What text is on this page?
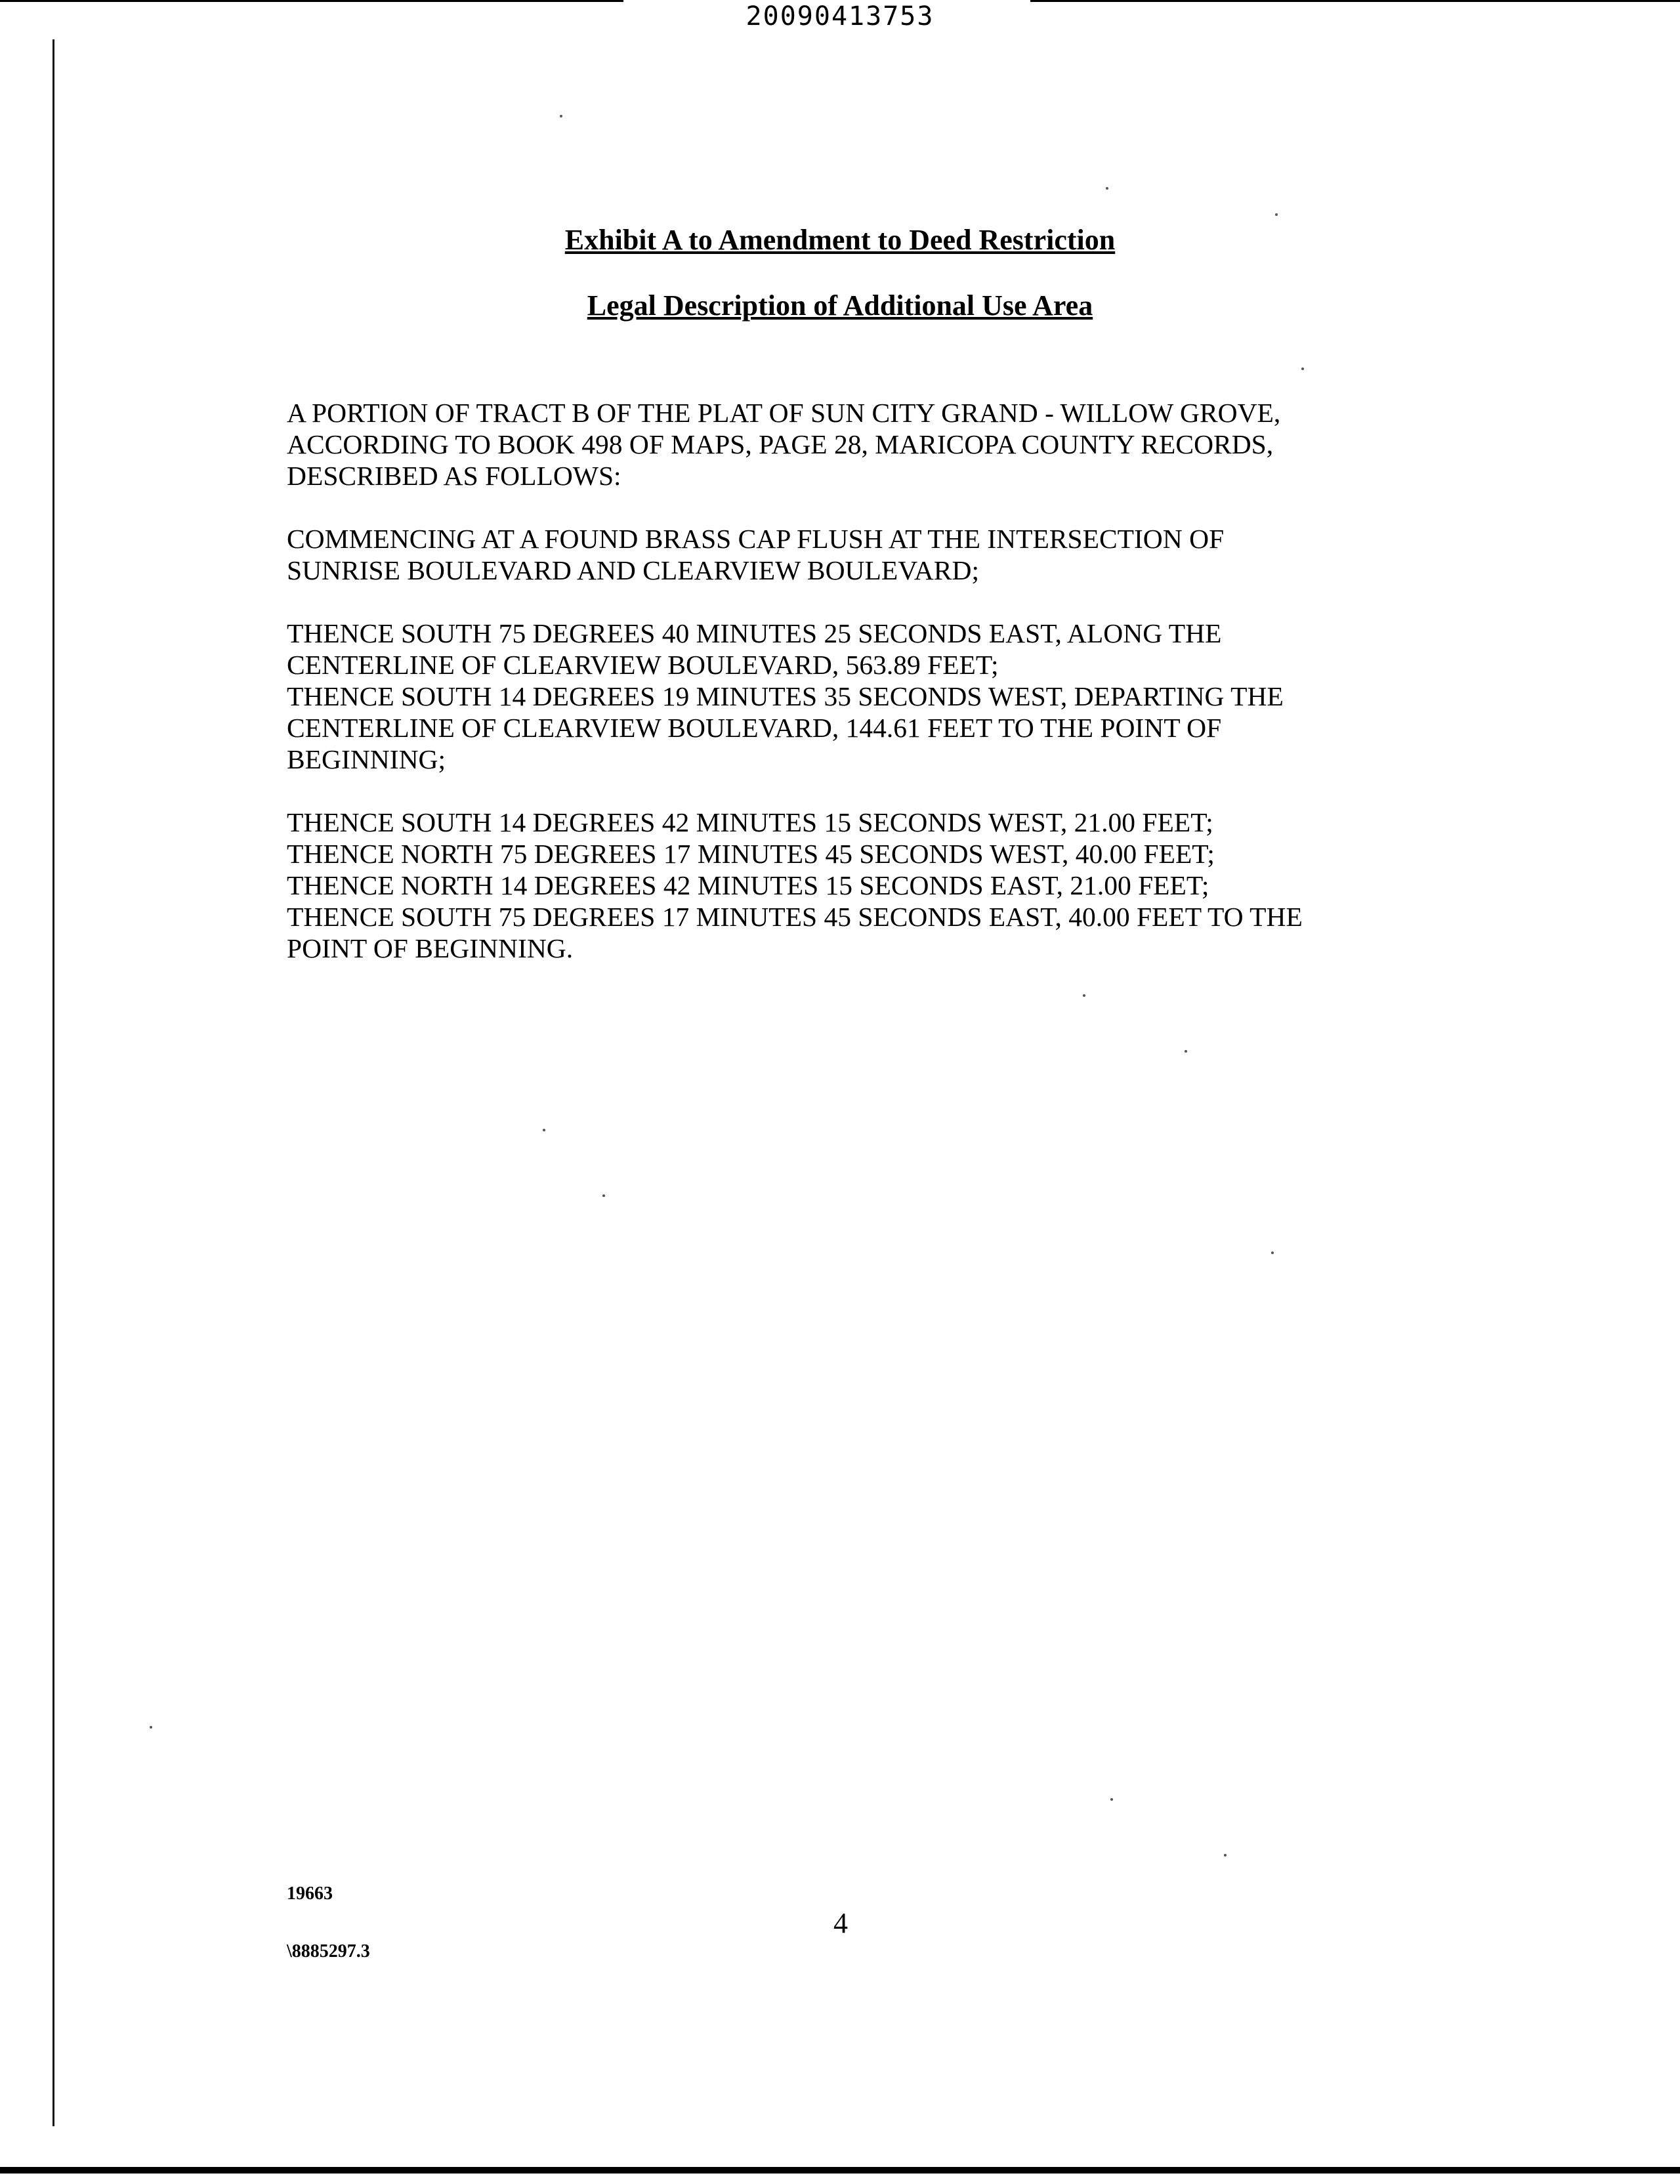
20090413753
Exhibit A to Amendment to Deed Restriction
Legal Description of Additional Use Area

A PORTION OF TRACT B OF THE PLAT OF SUN CITY GRAND - WILLOW GROVE,
ACCORDING TO BOOK 498 OF MAPS, PAGE 28, MARICOPA COUNTY RECORDS,
DESCRIBED AS FOLLOWS:

COMMENCING AT A FOUND BRASS CAP FLUSH AT THE INTERSECTION OF
SUNRISE BOULEVARD AND CLEARVIEW BOULEVARD;

THENCE SOUTH 75 DEGREES 40 MINUTES 25 SECONDS EAST, ALONG THE
CENTERLINE OF CLEARVIEW BOULEVARD, 563.89 FEET;
THENCE SOUTH 14 DEGREES 19 MINUTES 35 SECONDS WEST, DEPARTING THE
CENTERLINE OF CLEARVIEW BOULEVARD, 144.61 FEET TO THE POINT OF
BEGINNING;

THENCE SOUTH 14 DEGREES 42 MINUTES 15 SECONDS WEST, 21.00 FEET;
THENCE NORTH 75 DEGREES 17 MINUTES 45 SECONDS WEST, 40.00 FEET;
THENCE NORTH 14 DEGREES 42 MINUTES 15 SECONDS EAST, 21.00 FEET;
THENCE SOUTH 75 DEGREES 17 MINUTES 45 SECONDS EAST, 40.00 FEET TO THE
POINT OF BEGINNING.

19663
4
\8885297.3
